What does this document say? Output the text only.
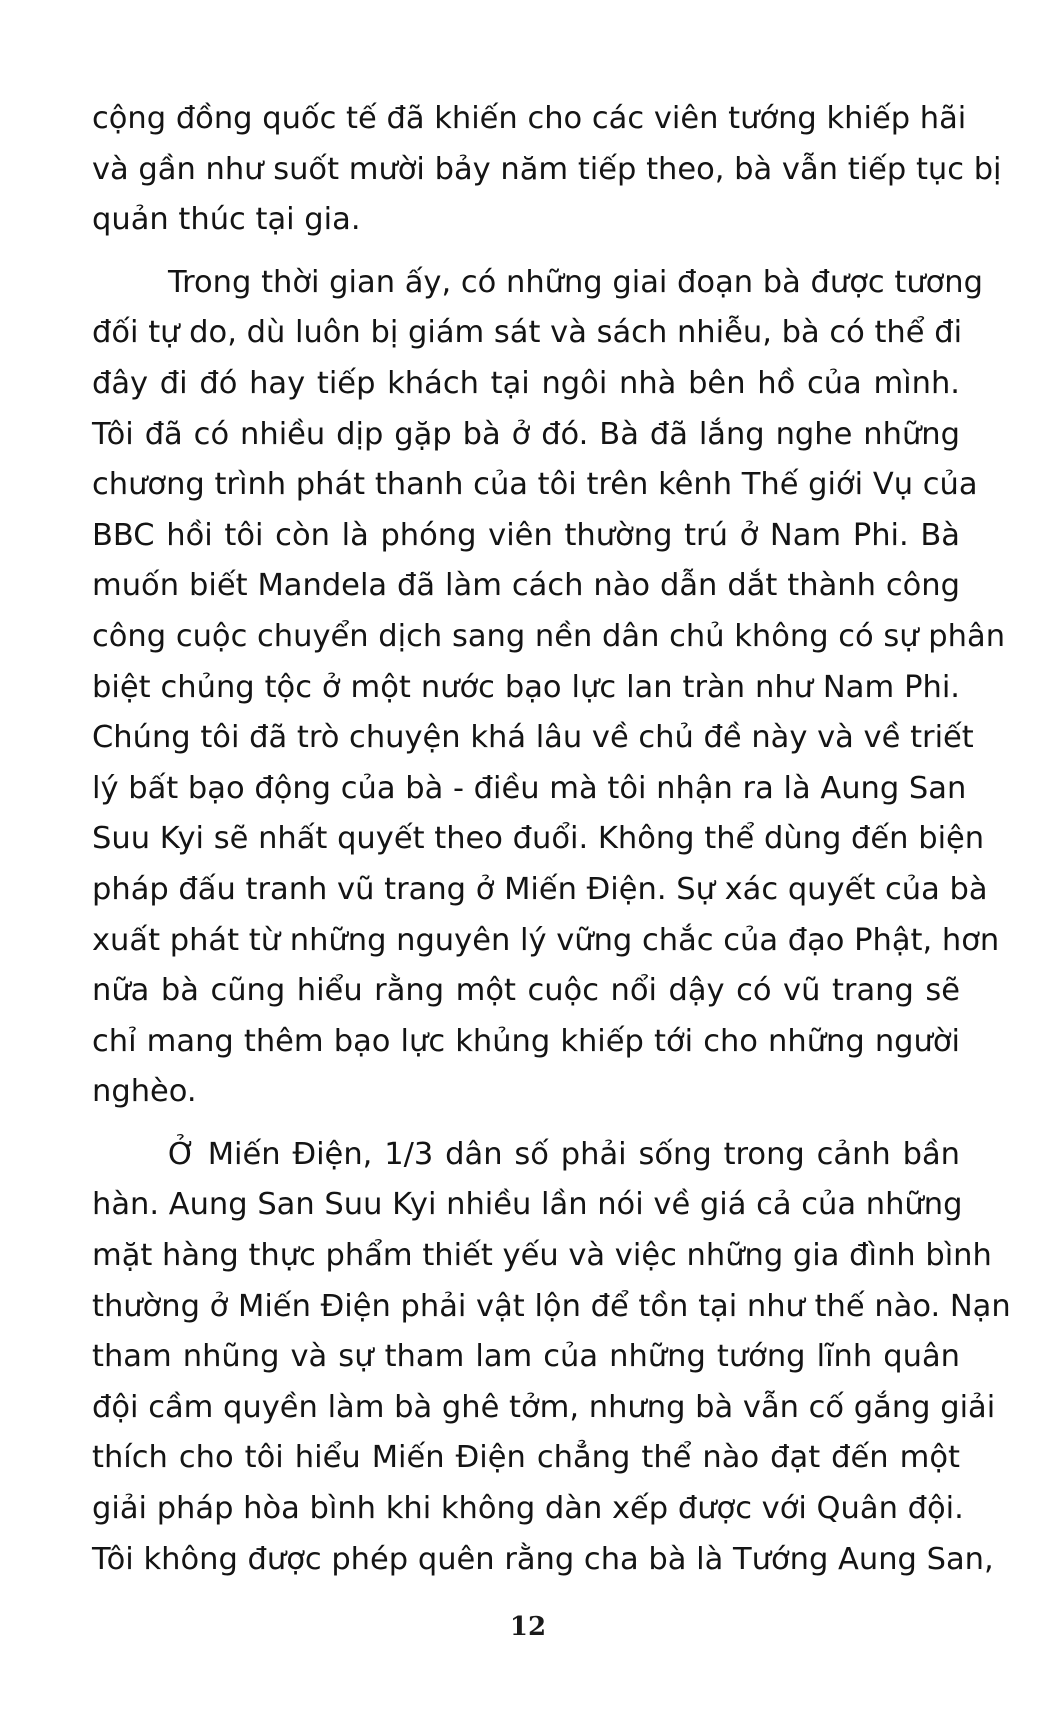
cộng đồng quốc tế đã khiến cho các viên tướng khiếp hãi
và gần như suốt mười bảy năm tiếp theo, bà vẫn tiếp tục bị
quản thúc tại gia.
Trong thời gian ấy, có những giai đoạn bà được tương
đối tự do, dù luôn bị giám sát và sách nhiễu, bà có thể đi
đây đi đó hay tiếp khách tại ngôi nhà bên hồ của mình.
Tôi đã có nhiều dịp gặp bà ở đó. Bà đã lắng nghe những
chương trình phát thanh của tôi trên kênh Thế giới Vụ của
BBC hồi tôi còn là phóng viên thường trú ở Nam Phi. Bà
muốn biết Mandela đã làm cách nào dẫn dắt thành công
công cuộc chuyển dịch sang nền dân chủ không có sự phân
biệt chủng tộc ở một nước bạo lực lan tràn như Nam Phi.
Chúng tôi đã trò chuyện khá lâu về chủ đề này và về triết
lý bất bạo động của bà - điều mà tôi nhận ra là Aung San
Suu Kyi sẽ nhất quyết theo đuổi. Không thể dùng đến biện
pháp đấu tranh vũ trang ở Miến Điện. Sự xác quyết của bà
xuất phát từ những nguyên lý vững chắc của đạo Phật, hơn
nữa bà cũng hiểu rằng một cuộc nổi dậy có vũ trang sẽ
chỉ mang thêm bạo lực khủng khiếp tới cho những người
nghèo.
Ở Miến Điện, 1/3 dân số phải sống trong cảnh bần
hàn. Aung San Suu Kyi nhiều lần nói về giá cả của những
mặt hàng thực phẩm thiết yếu và việc những gia đình bình
thường ở Miến Điện phải vật lộn để tồn tại như thế nào. Nạn
tham nhũng và sự tham lam của những tướng lĩnh quân
đội cầm quyền làm bà ghê tởm, nhưng bà vẫn cố gắng giải
thích cho tôi hiểu Miến Điện chẳng thể nào đạt đến một
giải pháp hòa bình khi không dàn xếp được với Quân đội.
Tôi không được phép quên rằng cha bà là Tướng Aung San,
12
